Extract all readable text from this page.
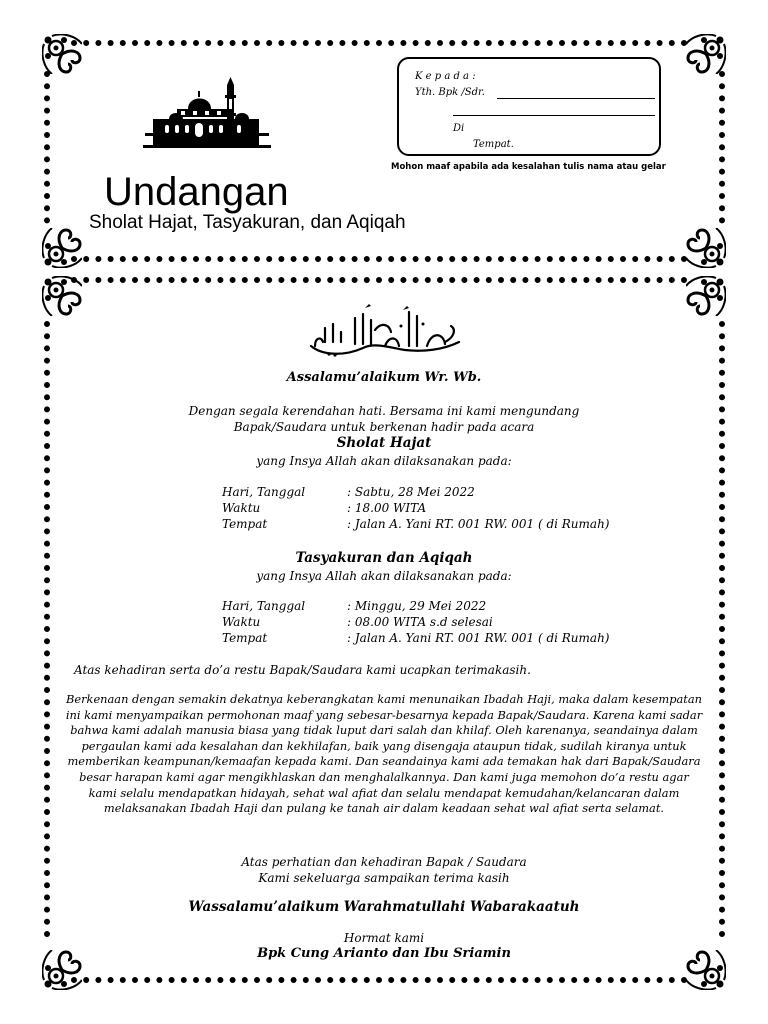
K e p a d a :
Yth. Bpk /Sdr.
Di
Tempat.
Mohon maaf apabila ada kesalahan tulis nama atau gelar
Undangan
Sholat Hajat, Tasyakuran, dan Aqiqah
Assalamu’alaikum Wr. Wb.
Dengan segala kerendahan hati. Bersama ini kami mengundang
Bapak/Saudara untuk berkenan hadir pada acara
Sholat Hajat
yang Insya Allah akan dilaksanakan pada:
Hari, Tanggal	: Sabtu, 28 Mei 2022
Waktu	: 18.00 WITA
Tempat	: Jalan A. Yani RT. 001 RW. 001 ( di Rumah)
Tasyakuran dan Aqiqah
yang Insya Allah akan dilaksanakan pada:
Hari, Tanggal	: Minggu, 29 Mei 2022
Waktu	: 08.00 WITA s.d selesai
Tempat	: Jalan A. Yani RT. 001 RW. 001 ( di Rumah)
Atas kehadiran serta do’a restu Bapak/Saudara kami ucapkan terimakasih.
Berkenaan dengan semakin dekatnya keberangkatan kami menunaikan Ibadah Haji, maka dalam kesempatan ini kami menyampaikan permohonan maaf yang sebesar-besarnya kepada Bapak/Saudara. Karena kami sadar bahwa kami adalah manusia biasa yang tidak luput dari salah dan khilaf. Oleh karenanya, seandainya dalam pergaulan kami ada kesalahan dan kekhilafan, baik yang disengaja ataupun tidak, sudilah kiranya untuk memberikan keampunan/kemaafan kepada kami. Dan seandainya kami ada temakan hak dari Bapak/Saudara besar harapan kami agar mengikhlaskan dan menghalalkannya. Dan kami juga memohon do’a restu agar kami selalu mendapatkan hidayah, sehat wal afiat dan selalu mendapat kemudahan/kelancaran dalam melaksanakan Ibadah Haji dan pulang ke tanah air dalam keadaan sehat wal afiat serta selamat.
Atas perhatian dan kehadiran Bapak / Saudara
Kami sekeluarga sampaikan terima kasih
Wassalamu’alaikum Warahmatullahi Wabarakaatuh
Hormat kami
Bpk Cung Arianto dan Ibu Sriamin
